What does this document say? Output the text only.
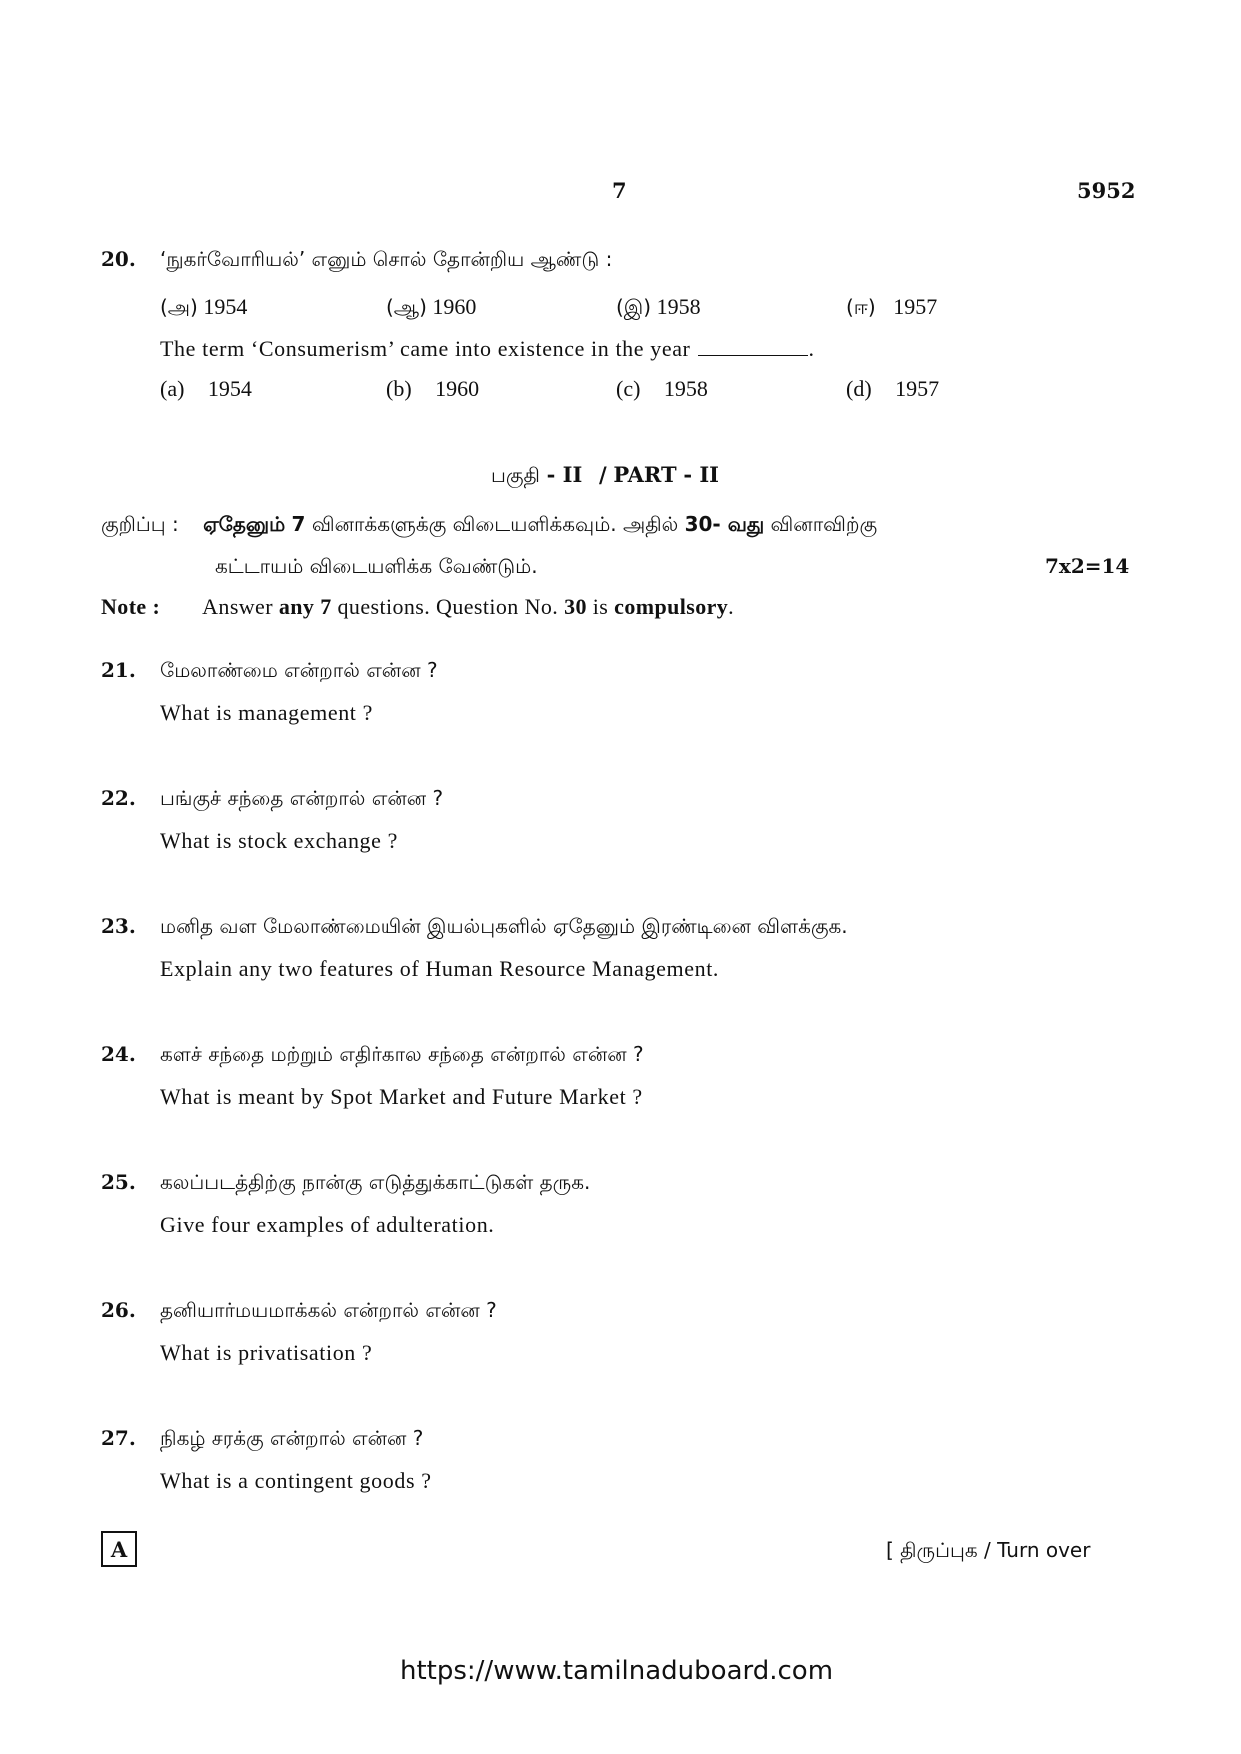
7	5952
20. ‘நுகர்வோரியல்’ எனும் சொல் தோன்றிய ஆண்டு :
(அ) 1954	(ஆ) 1960	(இ) 1958	(ஈ) 1957
The term ‘Consumerism’ came into existence in the year	.
(a) 1954	(b) 1960	(c) 1958	(d) 1957
பகுதி - II / PART - II
குறிப்பு : ஏதேனும் 7 வினாக்களுக்கு விடையளிக்கவும். அதில் 30- வது வினாவிற்கு
கட்டாயம் விடையளிக்க வேண்டும்.	7x2=14
Note : Answer any 7 questions. Question No. 30 is compulsory.
21. மேலாண்மை என்றால் என்ன ?
What is management ?
22. பங்குச் சந்தை என்றால் என்ன ?
What is stock exchange ?
23. மனித வள மேலாண்மையின் இயல்புகளில் ஏதேனும் இரண்டினை விளக்குக.
Explain any two features of Human Resource Management.
24. களச் சந்தை மற்றும் எதிர்கால சந்தை என்றால் என்ன ?
What is meant by Spot Market and Future Market ?
25. கலப்படத்திற்கு நான்கு எடுத்துக்காட்டுகள் தருக.
Give four examples of adulteration.
26. தனியார்மயமாக்கல் என்றால் என்ன ?
What is privatisation ?
27. நிகழ் சரக்கு என்றால் என்ன ?
What is a contingent goods ?
A	[ திருப்புக / Turn over
https://www.tamilnaduboard.com
